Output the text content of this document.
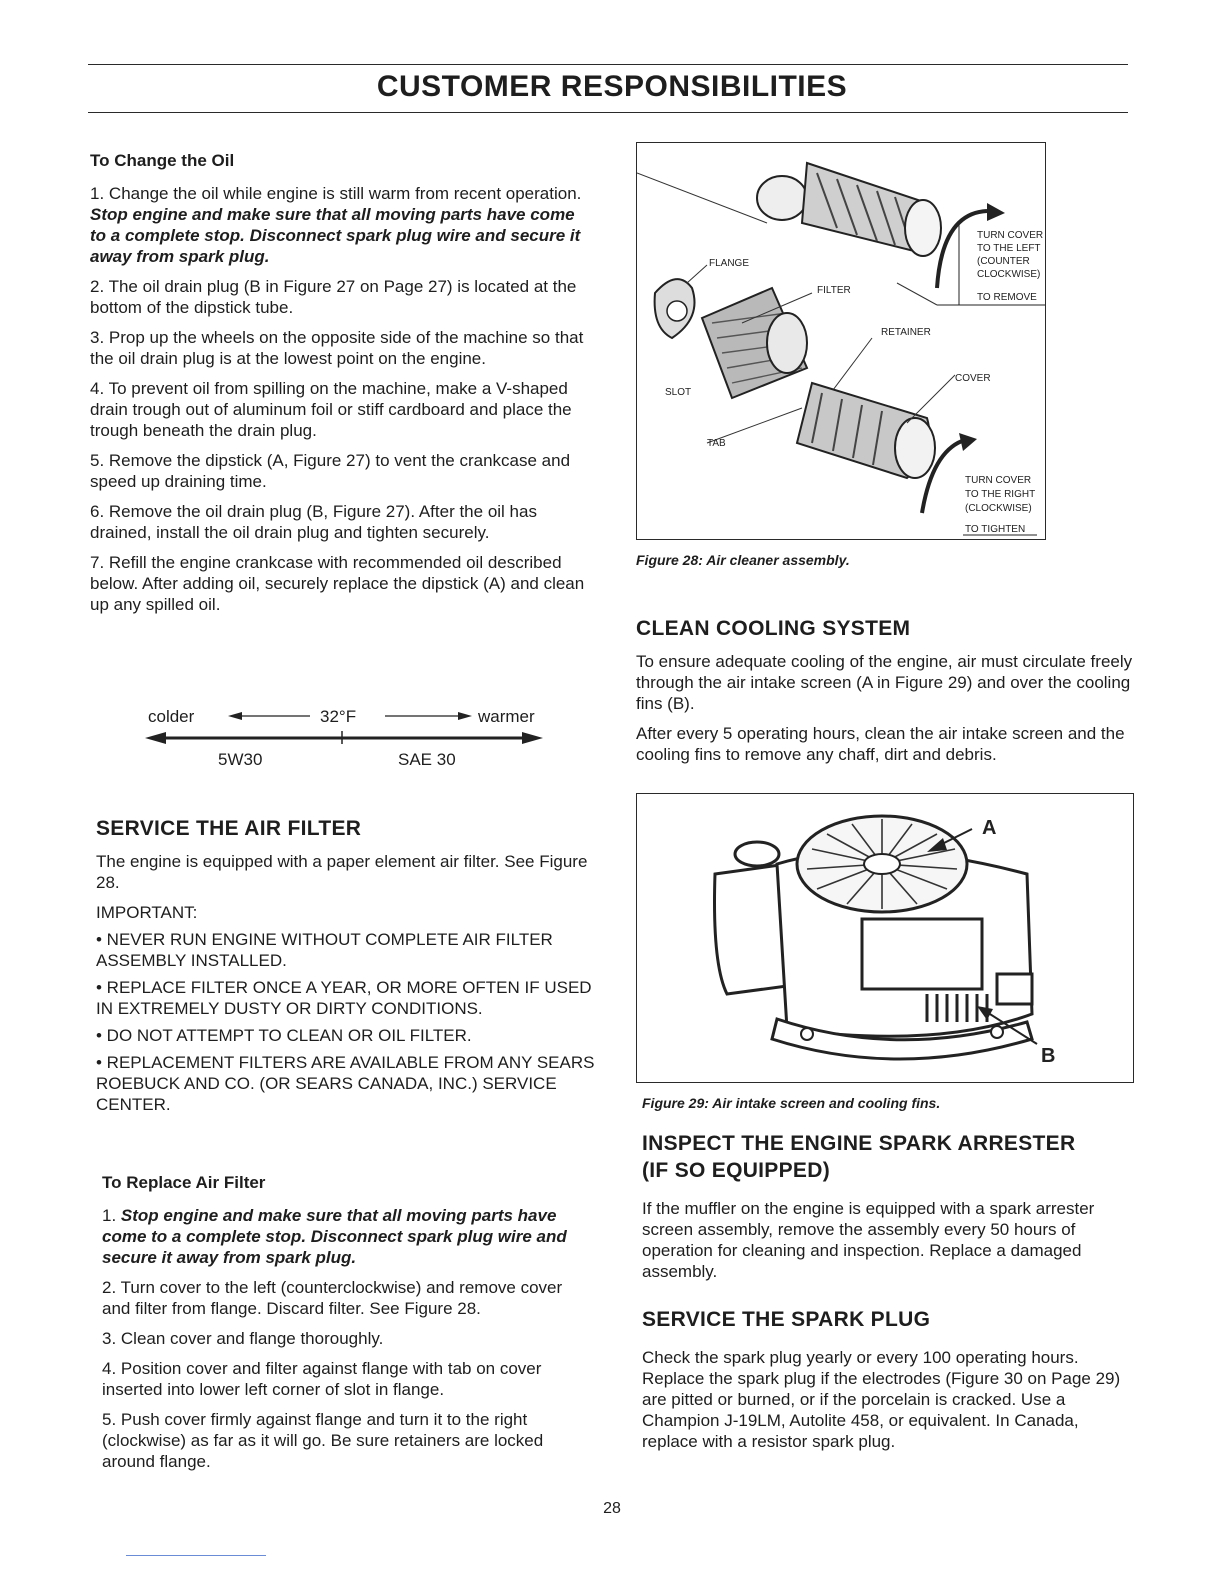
CUSTOMER RESPONSIBILITIES

To Change the Oil

1. Change the oil while engine is still warm from recent operation. Stop engine and make sure that all moving parts have come to a complete stop. Disconnect spark plug wire and secure it away from spark plug.

2. The oil drain plug (B in Figure 27 on Page 27) is located at the bottom of the dipstick tube.

3. Prop up the wheels on the opposite side of the machine so that the oil drain plug is at the lowest point on the engine.

4. To prevent oil from spilling on the machine, make a V-shaped drain trough out of aluminum foil or stiff cardboard and place the trough beneath the drain plug.

5. Remove the dipstick (A, Figure 27) to vent the crankcase and speed up draining time.

6. Remove the oil drain plug (B, Figure 27). After the oil has drained, install the oil drain plug and tighten securely.

7. Refill the engine crankcase with recommended oil described below. After adding oil, securely replace the dipstick (A) and clean up any spilled oil.

colder	32°F	warmer
5W30	SAE 30

SERVICE THE AIR FILTER

The engine is equipped with a paper element air filter. See Figure 28.

IMPORTANT:

• NEVER RUN ENGINE WITHOUT COMPLETE AIR FILTER ASSEMBLY INSTALLED.

• REPLACE FILTER ONCE A YEAR, OR MORE OFTEN IF USED IN EXTREMELY DUSTY OR DIRTY CONDITIONS.

• DO NOT ATTEMPT TO CLEAN OR OIL FILTER.

• REPLACEMENT FILTERS ARE AVAILABLE FROM ANY SEARS ROEBUCK AND CO. (OR SEARS CANADA, INC.) SERVICE CENTER.

To Replace Air Filter

1. Stop engine and make sure that all moving parts have come to a complete stop. Disconnect spark plug wire and secure it away from spark plug.

2. Turn cover to the left (counterclockwise) and remove cover and filter from flange. Discard filter. See Figure 28.

3. Clean cover and flange thoroughly.

4. Position cover and filter against flange with tab on cover inserted into lower left corner of slot in flange.

5. Push cover firmly against flange and turn it to the right (clockwise) as far as it will go. Be sure retainers are locked around flange.

FLANGE
FILTER
RETAINER
SLOT
TAB
COVER
TURN COVER
TO THE LEFT
(COUNTER
CLOCKWISE)
TO REMOVE
TURN COVER
TO THE RIGHT
(CLOCKWISE)
TO TIGHTEN
Figure 28: Air cleaner assembly.

CLEAN COOLING SYSTEM

To ensure adequate cooling of the engine, air must circulate freely through the air intake screen (A in Figure 29) and over the cooling fins (B).

After every 5 operating hours, clean the air intake screen and the cooling fins to remove any chaff, dirt and debris.

A
B
Figure 29: Air intake screen and cooling fins.

INSPECT THE ENGINE SPARK ARRESTER

(IF SO EQUIPPED)

If the muffler on the engine is equipped with a spark arrester screen assembly, remove the assembly every 50 hours of operation for cleaning and inspection. Replace a damaged assembly.

SERVICE THE SPARK PLUG

Check the spark plug yearly or every 100 operating hours. Replace the spark plug if the electrodes (Figure 30 on Page 29) are pitted or burned, or if the porcelain is cracked. Use a Champion J-19LM, Autolite 458, or equivalent. In Canada, replace with a resistor spark plug.

28
